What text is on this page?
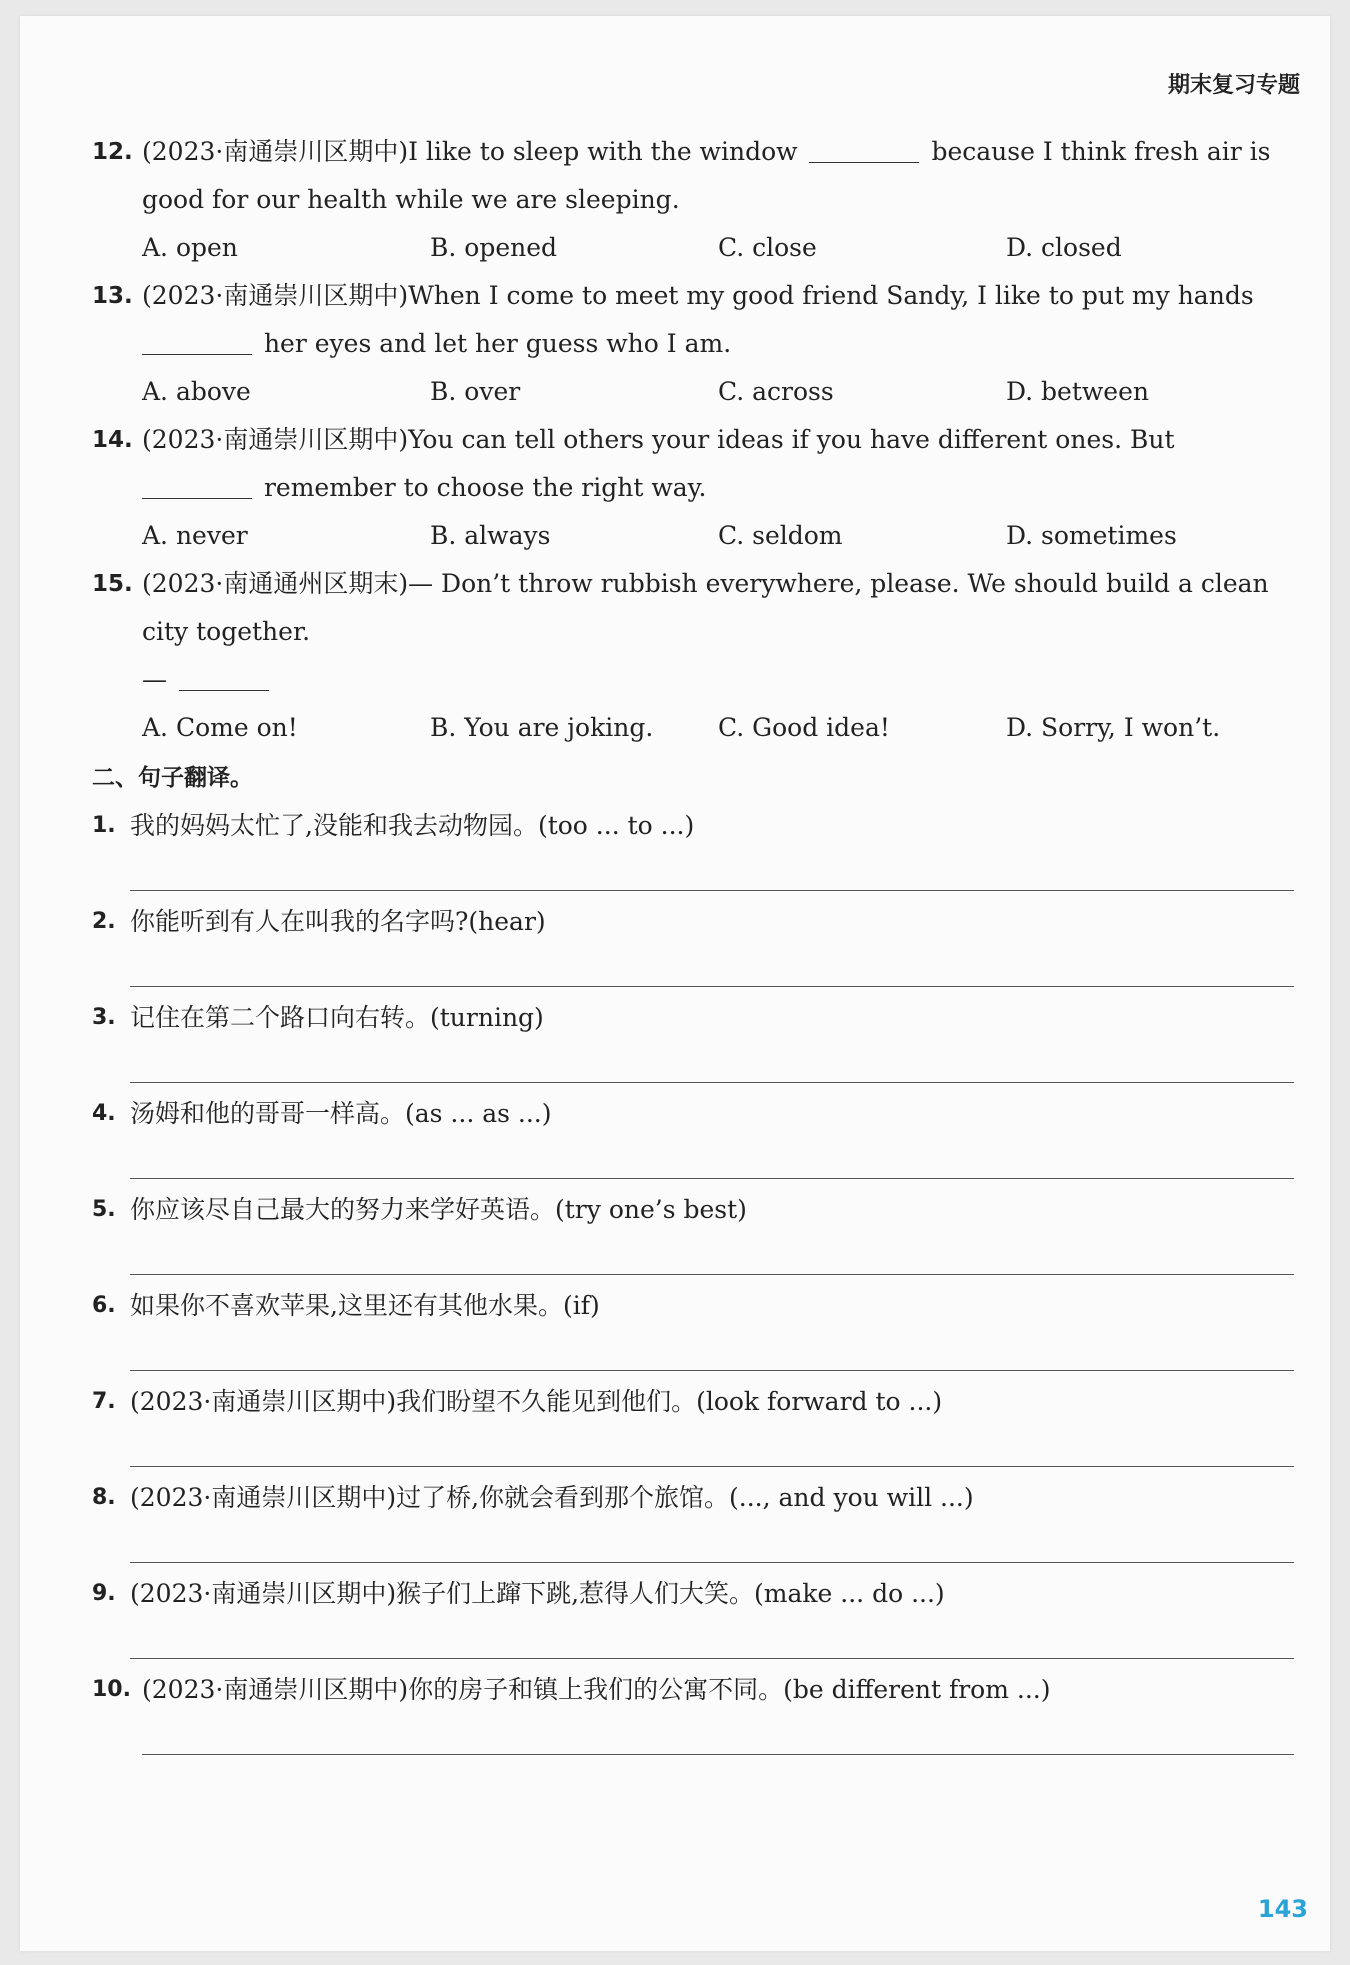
期末复习专题
12. (2023·南通崇川区期中)I like to sleep with the window	because I think fresh air is
good for our health while we are sleeping.
A. open	B. opened	C. close	D. closed
13. (2023·南通崇川区期中)When I come to meet my good friend Sandy, I like to put my hands
her eyes and let her guess who I am.
A. above	B. over	C. across	D. between
14. (2023·南通崇川区期中)You can tell others your ideas if you have different ones. But
remember to choose the right way.
A. never	B. always	C. seldom	D. sometimes
15. (2023·南通通州区期末)— Don’t throw rubbish everywhere, please. We should build a clean
city together.
—
A. Come on!	B. You are joking.	C. Good idea!	D. Sorry, I won’t.
二、句子翻译。
1. 我的妈妈太忙了,没能和我去动物园。(too ... to ...)
2. 你能听到有人在叫我的名字吗?(hear)
3. 记住在第二个路口向右转。(turning)
4. 汤姆和他的哥哥一样高。(as ... as ...)
5. 你应该尽自己最大的努力来学好英语。(try one’s best)
6. 如果你不喜欢苹果,这里还有其他水果。(if)
7. (2023·南通崇川区期中)我们盼望不久能见到他们。(look forward to ...)
8. (2023·南通崇川区期中)过了桥,你就会看到那个旅馆。(..., and you will ...)
9. (2023·南通崇川区期中)猴子们上蹿下跳,惹得人们大笑。(make ... do ...)
10. (2023·南通崇川区期中)你的房子和镇上我们的公寓不同。(be different from ...)
143
